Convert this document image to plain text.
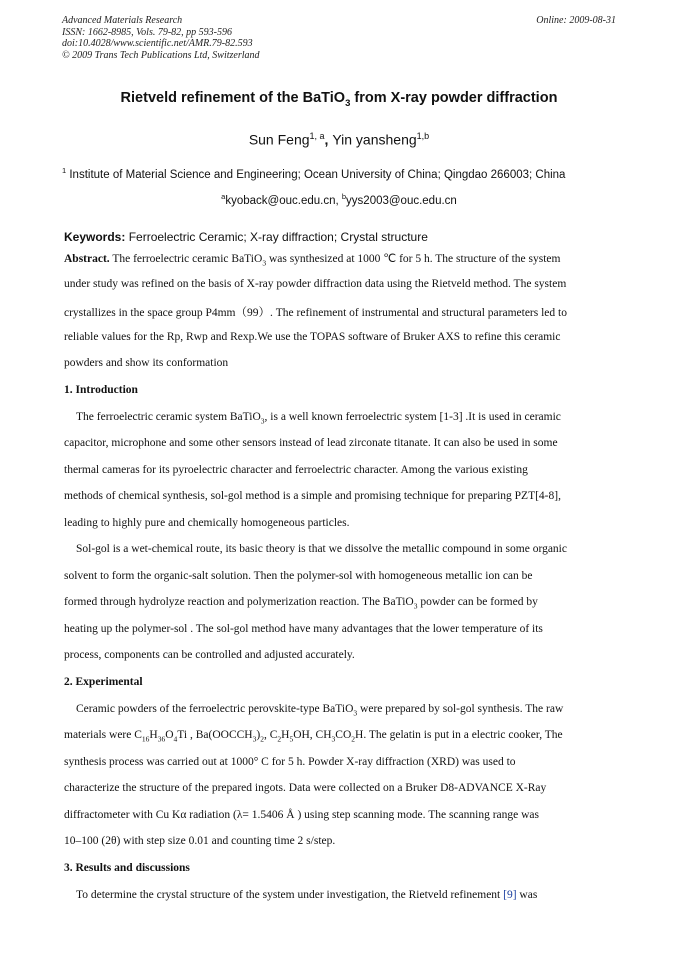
Advanced Materials Research
ISSN: 1662-8985, Vols. 79-82, pp 593-596
doi:10.4028/www.scientific.net/AMR.79-82.593
© 2009 Trans Tech Publications Ltd, Switzerland
Online: 2009-08-31
Rietveld refinement of the BaTiO$_3$ from X-ray powder diffraction
Sun Feng$^{1, a}$, Yin yansheng$^{1,b}$
$^1$ Institute of Material Science and Engineering; Ocean University of China; Qingdao 266003; China
$^a$kyoback@ouc.edu.cn, $^b$yys2003@ouc.edu.cn
Keywords: Ferroelectric Ceramic; X-ray diffraction; Crystal structure
Abstract. The ferroelectric ceramic BaTiO$_3$ was synthesized at 1000 ℃ for 5 h. The structure of the system
under study was refined on the basis of X-ray powder diffraction data using the Rietveld method. The system
crystallizes in the space group P4mm（99）. The refinement of instrumental and structural parameters led to
reliable values for the Rp, Rwp and Rexp.We use the TOPAS software of Bruker AXS to refine this ceramic
powders and show its conformation
1. Introduction
The ferroelectric ceramic system BaTiO$_3$, is a well known ferroelectric system [1-3] .It is used in ceramic
capacitor, microphone and some other sensors instead of lead zirconate titanate. It can also be used in some
thermal cameras for its pyroelectric character and ferroelectric character. Among the various existing
methods of chemical synthesis, sol-gol method is a simple and promising technique for preparing PZT[4-8],
leading to highly pure and chemically homogeneous particles.
Sol-gol is a wet-chemical route, its basic theory is that we dissolve the metallic compound in some organic
solvent to form the organic-salt solution. Then the polymer-sol with homogeneous metallic ion can be
formed through hydrolyze reaction and polymerization reaction. The BaTiO$_3$ powder can be formed by
heating up the polymer-sol . The sol-gol method have many advantages that the lower temperature of its
process, components can be controlled and adjusted accurately.
2. Experimental
Ceramic powders of the ferroelectric perovskite-type BaTiO$_3$ were prepared by sol-gol synthesis. The raw
materials were $C_{16}H_{36}O_4Ti$ , $Ba(OOCCH_3)_2$, $C_2H_5OH$, $CH_3CO_2H$. The gelatin is put in a electric cooker, The
synthesis process was carried out at 1000° C for 5 h. Powder X-ray diffraction (XRD) was used to
characterize the structure of the prepared ingots. Data were collected on a Bruker D8-ADVANCE X-Ray
diffractometer with Cu Kα radiation (λ= 1.5406 Å ) using step scanning mode. The scanning range was
10–100 (2θ) with step size 0.01 and counting time 2 s/step.
3. Results and discussions
To determine the crystal structure of the system under investigation, the Rietveld refinement [9] was
